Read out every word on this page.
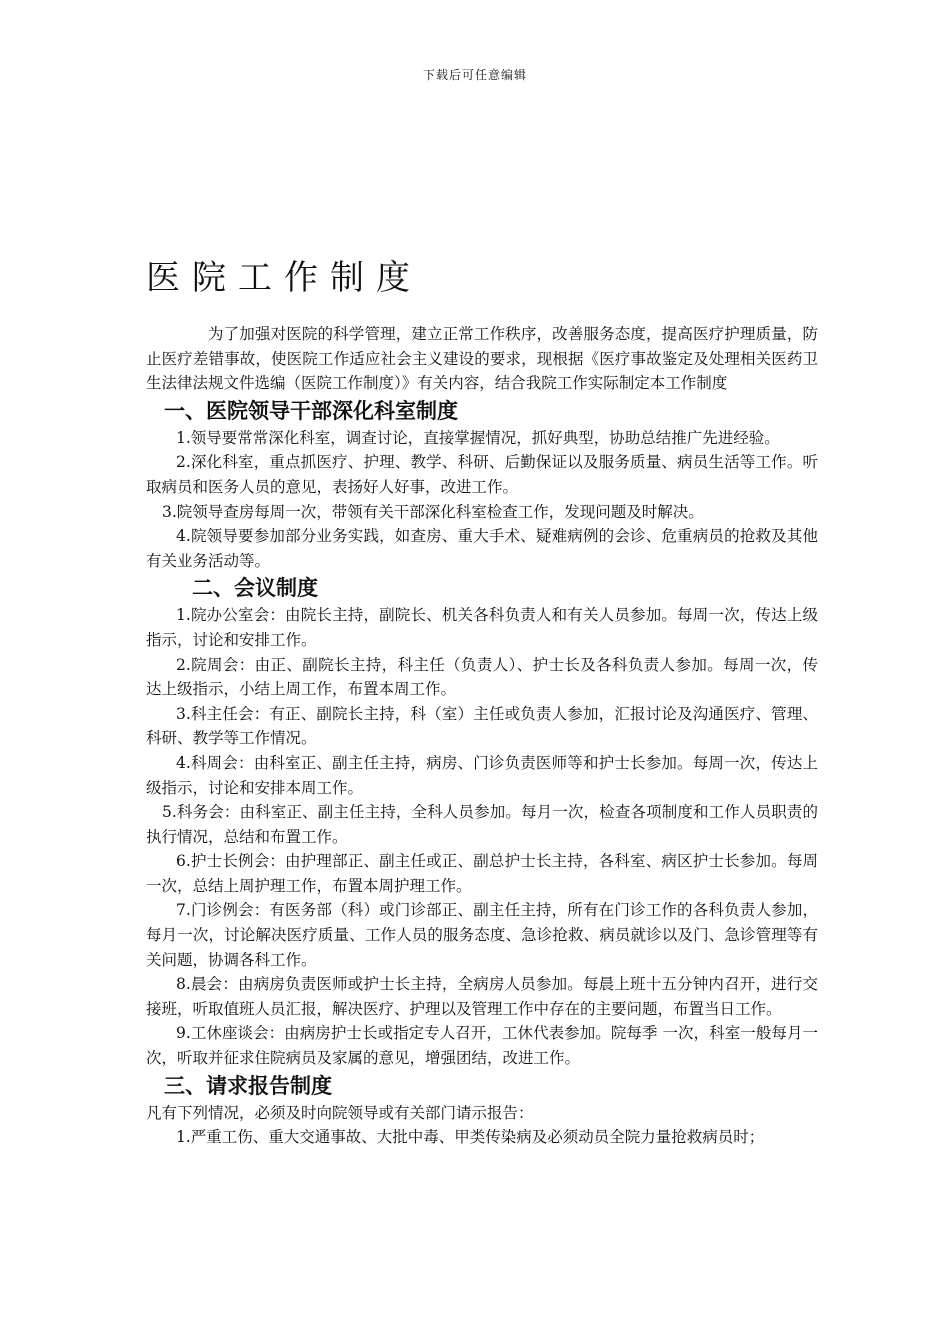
下载后可任意编辑
医院工作制度

为了加强对医院的科学管理，建立正常工作秩序，改善服务态度，提高医疗护理质量，防止医疗差错事故，使医院工作适应社会主义建设的要求，现根据《医疗事故鉴定及处理相关医药卫生法律法规文件选编（医院工作制度）》有关内容，结合我院工作实际制定本工作制度

一、医院领导干部深化科室制度

1.领导要常常深化科室，调查讨论，直接掌握情况，抓好典型，协助总结推广先进经验。

2.深化科室，重点抓医疗、护理、教学、科研、后勤保证以及服务质量、病员生活等工作。听取病员和医务人员的意见，表扬好人好事，改进工作。

3.院领导查房每周一次，带领有关干部深化科室检查工作，发现问题及时解决。

4.院领导要参加部分业务实践，如查房、重大手术、疑难病例的会诊、危重病员的抢救及其他有关业务活动等。

二、会议制度

1.院办公室会：由院长主持，副院长、机关各科负责人和有关人员参加。每周一次，传达上级指示，讨论和安排工作。

2.院周会：由正、副院长主持，科主任（负责人）、护士长及各科负责人参加。每周一次，传达上级指示，小结上周工作，布置本周工作。

3.科主任会：有正、副院长主持，科（室）主任或负责人参加，汇报讨论及沟通医疗、管理、科研、教学等工作情况。

4.科周会：由科室正、副主任主持，病房、门诊负责医师等和护士长参加。每周一次，传达上级指示，讨论和安排本周工作。

5.科务会：由科室正、副主任主持，全科人员参加。每月一次，检查各项制度和工作人员职责的执行情况，总结和布置工作。

6.护士长例会：由护理部正、副主任或正、副总护士长主持，各科室、病区护士长参加。每周一次，总结上周护理工作，布置本周护理工作。

7.门诊例会：有医务部（科）或门诊部正、副主任主持，所有在门诊工作的各科负责人参加，每月一次，讨论解决医疗质量、工作人员的服务态度、急诊抢救、病员就诊以及门、急诊管理等有关问题，协调各科工作。

8.晨会：由病房负责医师或护士长主持，全病房人员参加。每晨上班十五分钟内召开，进行交接班，听取值班人员汇报，解决医疗、护理以及管理工作中存在的主要问题，布置当日工作。

9.工休座谈会：由病房护士长或指定专人召开，工休代表参加。院每季 一次，科室一般每月一次，听取并征求住院病员及家属的意见，增强团结，改进工作。

三、请求报告制度

凡有下列情况，必须及时向院领导或有关部门请示报告：

1.严重工伤、重大交通事故、大批中毒、甲类传染病及必须动员全院力量抢救病员时；
